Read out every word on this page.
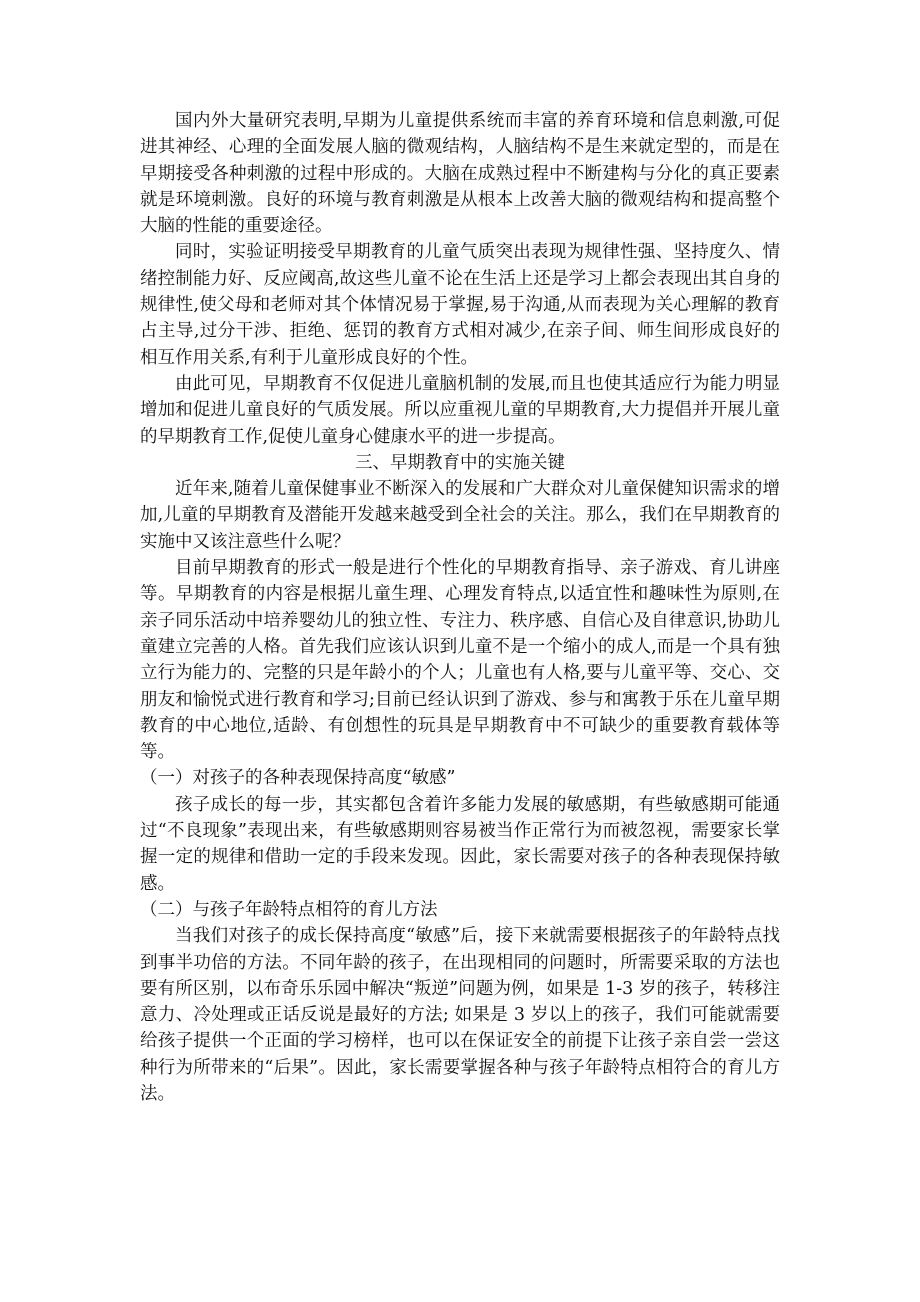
国内外大量研究表明,早期为儿童提供系统而丰富的养育环境和信息刺激,可促进其神经、心理的全面发展人脑的微观结构，人脑结构不是生来就定型的，而是在早期接受各种刺激的过程中形成的。大脑在成熟过程中不断建构与分化的真正要素就是环境刺激。良好的环境与教育刺激是从根本上改善大脑的微观结构和提高整个大脑的性能的重要途径。

同时，实验证明接受早期教育的儿童气质突出表现为规律性强、坚持度久、情绪控制能力好、反应阈高,故这些儿童不论在生活上还是学习上都会表现出其自身的规律性,使父母和老师对其个体情况易于掌握,易于沟通,从而表现为关心理解的教育占主导,过分干涉、拒绝、惩罚的教育方式相对减少,在亲子间、师生间形成良好的相互作用关系,有利于儿童形成良好的个性。

由此可见，早期教育不仅促进儿童脑机制的发展,而且也使其适应行为能力明显增加和促进儿童良好的气质发展。所以应重视儿童的早期教育,大力提倡并开展儿童的早期教育工作,促使儿童身心健康水平的进一步提高。

三、早期教育中的实施关键

近年来,随着儿童保健事业不断深入的发展和广大群众对儿童保健知识需求的增加,儿童的早期教育及潜能开发越来越受到全社会的关注。那么，我们在早期教育的实施中又该注意些什么呢？

目前早期教育的形式一般是进行个性化的早期教育指导、亲子游戏、育儿讲座等。早期教育的内容是根据儿童生理、心理发育特点,以适宜性和趣味性为原则,在亲子同乐活动中培养婴幼儿的独立性、专注力、秩序感、自信心及自律意识,协助儿童建立完善的人格。首先我们应该认识到儿童不是一个缩小的成人,而是一个具有独立行为能力的、完整的只是年龄小的个人；儿童也有人格,要与儿童平等、交心、交朋友和愉悦式进行教育和学习;目前已经认识到了游戏、参与和寓教于乐在儿童早期教育的中心地位,适龄、有创想性的玩具是早期教育中不可缺少的重要教育载体等等。

（一）对孩子的各种表现保持高度“敏感”

孩子成长的每一步，其实都包含着许多能力发展的敏感期，有些敏感期可能通过“不良现象”表现出来，有些敏感期则容易被当作正常行为而被忽视，需要家长掌握一定的规律和借助一定的手段来发现。因此，家长需要对孩子的各种表现保持敏感。

（二）与孩子年龄特点相符的育儿方法

当我们对孩子的成长保持高度“敏感”后，接下来就需要根据孩子的年龄特点找到事半功倍的方法。不同年龄的孩子，在出现相同的问题时，所需要采取的方法也要有所区别，以布奇乐乐园中解决“叛逆”问题为例，如果是 1-3 岁的孩子，转移注意力、冷处理或正话反说是最好的方法; 如果是 3 岁以上的孩子，我们可能就需要给孩子提供一个正面的学习榜样，也可以在保证安全的前提下让孩子亲自尝一尝这种行为所带来的“后果”。因此，家长需要掌握各种与孩子年龄特点相符合的育儿方法。
